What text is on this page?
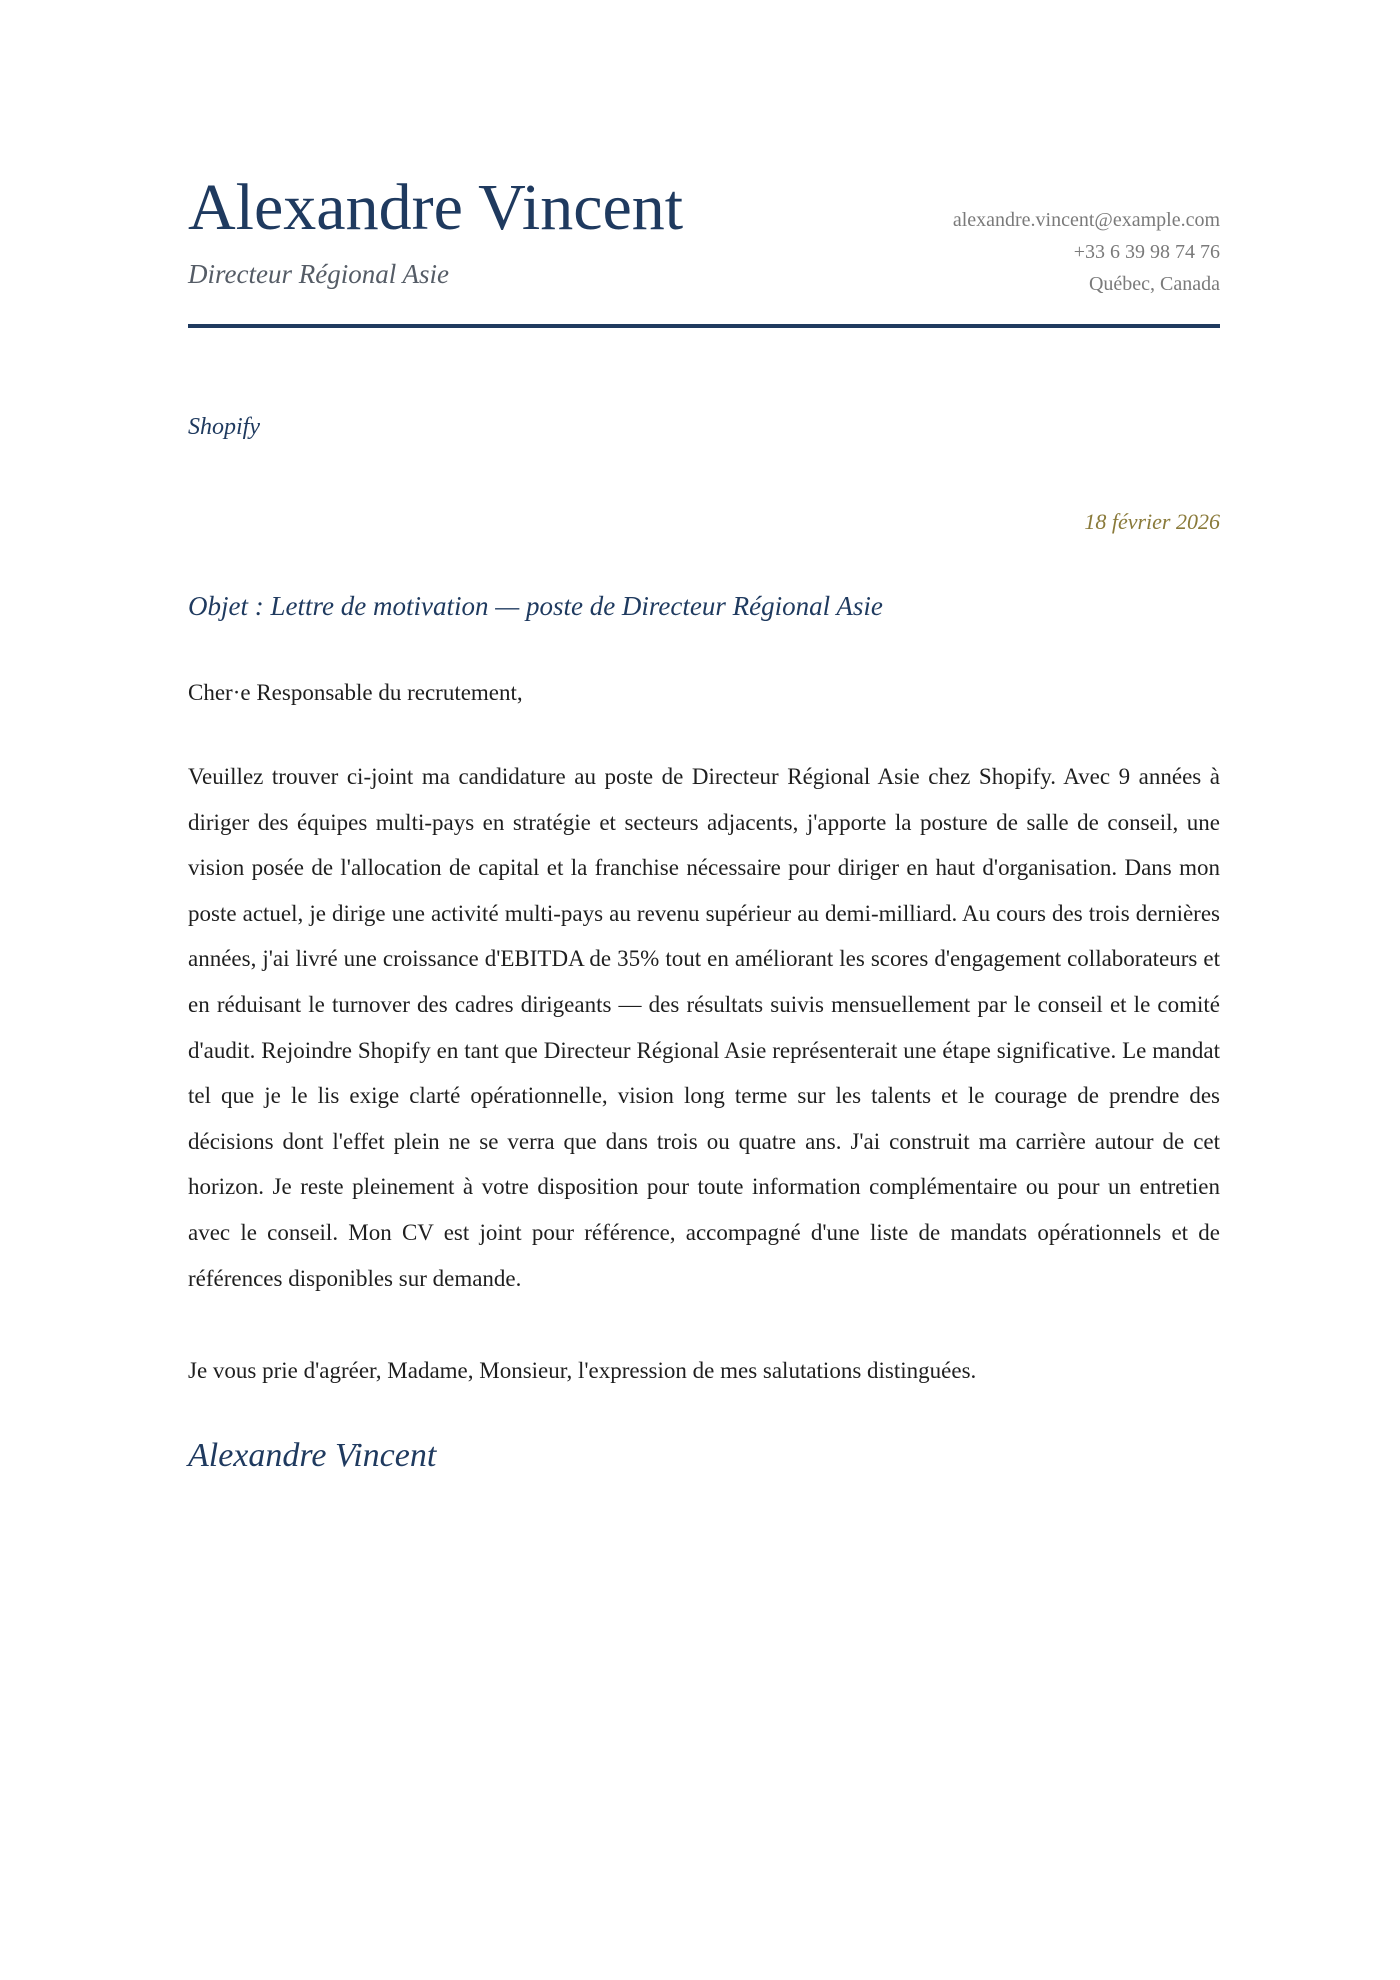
Alexandre Vincent

Directeur Régional Asie

alexandre.vincent@example.com
+33 6 39 98 74 76
Québec, Canada
Shopify
18 février 2026
Objet : Lettre de motivation — poste de Directeur Régional Asie
Cher·e Responsable du recrutement,

Veuillez trouver ci-joint ma candidature au poste de Directeur Régional Asie chez Shopify. Avec 9 années à diriger des équipes multi-pays en stratégie et secteurs adjacents, j'apporte la posture de salle de conseil, une vision posée de l'allocation de capital et la franchise nécessaire pour diriger en haut d'organisation. Dans mon poste actuel, je dirige une activité multi-pays au revenu supérieur au demi-milliard. Au cours des trois dernières années, j'ai livré une croissance d'EBITDA de 35% tout en améliorant les scores d'engagement collaborateurs et en réduisant le turnover des cadres dirigeants — des résultats suivis mensuellement par le conseil et le comité d'audit. Rejoindre Shopify en tant que Directeur Régional Asie représenterait une étape significative. Le mandat tel que je le lis exige clarté opérationnelle, vision long terme sur les talents et le courage de prendre des décisions dont l'effet plein ne se verra que dans trois ou quatre ans. J'ai construit ma carrière autour de cet horizon. Je reste pleinement à votre disposition pour toute information complémentaire ou pour un entretien avec le conseil. Mon CV est joint pour référence, accompagné d'une liste de mandats opérationnels et de références disponibles sur demande.

Je vous prie d'agréer, Madame, Monsieur, l'expression de mes salutations distinguées.
Alexandre Vincent
